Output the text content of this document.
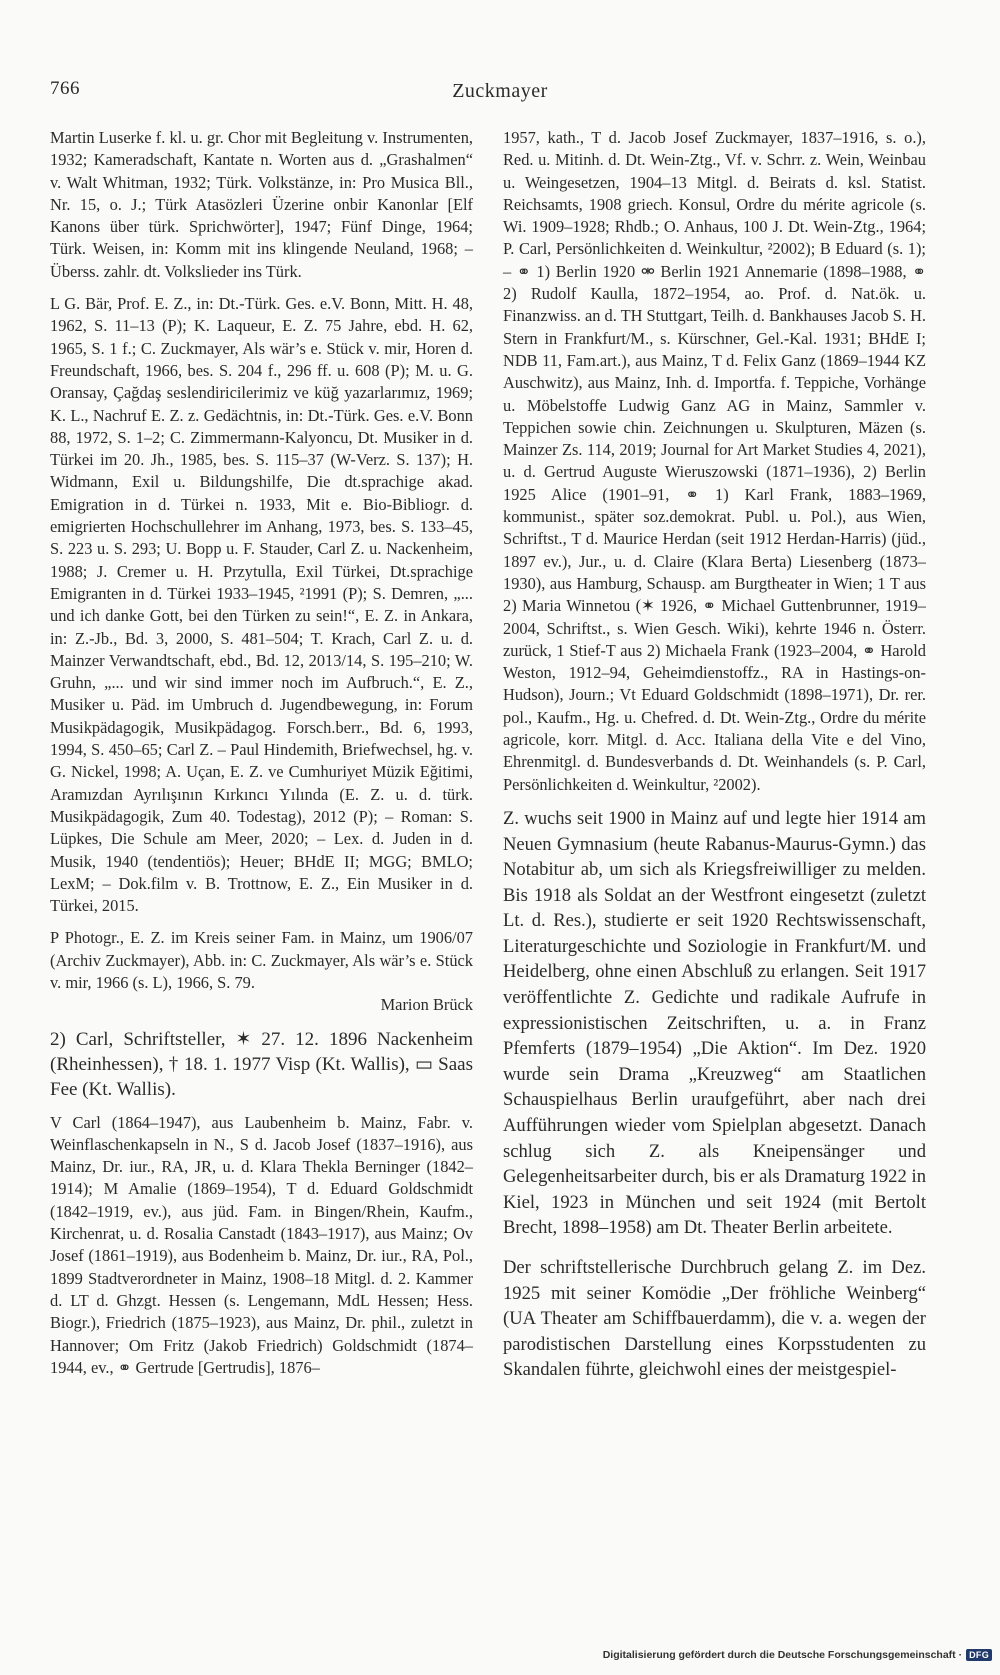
766	Zuckmayer

Martin Luserke f. kl. u. gr. Chor mit Begleitung v. Instrumenten, 1932; Kameradschaft, Kantate n. Worten aus d. „Grashalmen“ v. Walt Whitman, 1932; Türk. Volkstänze, in: Pro Musica Bll., Nr. 15, o. J.; Türk Atasözleri Üzerine onbir Kanonlar [Elf Kanons über türk. Sprichwörter], 1947; Fünf Dinge, 1964; Türk. Weisen, in: Komm mit ins klingende Neuland, 1968; – Überss. zahlr. dt. Volkslieder ins Türk.

L G. Bär, Prof. E. Z., in: Dt.-Türk. Ges. e.V. Bonn, Mitt. H. 48, 1962, S. 11–13 (P); K. Laqueur, E. Z. 75 Jahre, ebd. H. 62, 1965, S. 1 f.; C. Zuckmayer, Als wär’s e. Stück v. mir, Horen d. Freundschaft, 1966, bes. S. 204 f., 296 ff. u. 608 (P); M. u. G. Oransay, Çağdaş seslendiricilerimiz ve küğ yazarlarımız, 1969; K. L., Nachruf E. Z. z. Gedächtnis, in: Dt.-Türk. Ges. e.V. Bonn 88, 1972, S. 1–2; C. Zimmermann-Kalyoncu, Dt. Musiker in d. Türkei im 20. Jh., 1985, bes. S. 115–37 (W-Verz. S. 137); H. Widmann, Exil u. Bildungshilfe, Die dt.sprachige akad. Emigration in d. Türkei n. 1933, Mit e. Bio-Bibliogr. d. emigrierten Hochschullehrer im Anhang, 1973, bes. S. 133–45, S. 223 u. S. 293; U. Bopp u. F. Stauder, Carl Z. u. Nackenheim, 1988; J. Cremer u. H. Przytulla, Exil Türkei, Dt.sprachige Emigranten in d. Türkei 1933–1945, ²1991 (P); S. Demren, „... und ich danke Gott, bei den Türken zu sein!“, E. Z. in Ankara, in: Z.-Jb., Bd. 3, 2000, S. 481–504; T. Krach, Carl Z. u. d. Mainzer Verwandtschaft, ebd., Bd. 12, 2013/14, S. 195–210; W. Gruhn, „... und wir sind immer noch im Aufbruch.“, E. Z., Musiker u. Päd. im Umbruch d. Jugendbewegung, in: Forum Musikpädagogik, Musikpädagog. Forsch.berr., Bd. 6, 1993, 1994, S. 450–65; Carl Z. – Paul Hindemith, Briefwechsel, hg. v. G. Nickel, 1998; A. Uçan, E. Z. ve Cumhuriyet Müzik Eğitimi, Aramızdan Ayrılışının Kırkıncı Yılında (E. Z. u. d. türk. Musikpädagogik, Zum 40. Todestag), 2012 (P); – Roman: S. Lüpkes, Die Schule am Meer, 2020; – Lex. d. Juden in d. Musik, 1940 (tendentiös); Heuer; BHdE II; MGG; BMLO; LexM; – Dok.film v. B. Trottnow, E. Z., Ein Musiker in d. Türkei, 2015.

P Photogr., E. Z. im Kreis seiner Fam. in Mainz, um 1906/07 (Archiv Zuckmayer), Abb. in: C. Zuckmayer, Als wär’s e. Stück v. mir, 1966 (s. L), 1966, S. 79.

Marion Brück

2) Carl, Schriftsteller, ✶ 27. 12. 1896 Nackenheim (Rheinhessen), † 18. 1. 1977 Visp (Kt. Wallis), ▭ Saas Fee (Kt. Wallis).

V Carl (1864–1947), aus Laubenheim b. Mainz, Fabr. v. Weinflaschenkapseln in N., S d. Jacob Josef (1837–1916), aus Mainz, Dr. iur., RA, JR, u. d. Klara Thekla Berninger (1842–1914); M Amalie (1869–1954), T d. Eduard Goldschmidt (1842–1919, ev.), aus jüd. Fam. in Bingen/Rhein, Kaufm., Kirchenrat, u. d. Rosalia Canstadt (1843–1917), aus Mainz; Ov Josef (1861–1919), aus Bodenheim b. Mainz, Dr. iur., RA, Pol., 1899 Stadtverordneter in Mainz, 1908–18 Mitgl. d. 2. Kammer d. LT d. Ghzgt. Hessen (s. Lengemann, MdL Hessen; Hess. Biogr.), Friedrich (1875–1923), aus Mainz, Dr. phil., zuletzt in Hannover; Om Fritz (Jakob Friedrich) Goldschmidt (1874–1944, ev., ⚭ Gertrude [Gertrudis], 1876–

1957, kath., T d. Jacob Josef Zuckmayer, 1837–1916, s. o.), Red. u. Mitinh. d. Dt. Wein-Ztg., Vf. v. Schrr. z. Wein, Weinbau u. Weingesetzen, 1904–13 Mitgl. d. Beirats d. ksl. Statist. Reichsamts, 1908 griech. Konsul, Ordre du mérite agricole (s. Wi. 1909–1928; Rhdb.; O. Anhaus, 100 J. Dt. Wein-Ztg., 1964; P. Carl, Persönlichkeiten d. Weinkultur, ²2002); B Eduard (s. 1); – ⚭ 1) Berlin 1920 ⚮ Berlin 1921 Annemarie (1898–1988, ⚭ 2) Rudolf Kaulla, 1872–1954, ao. Prof. d. Nat.ök. u. Finanzwiss. an d. TH Stuttgart, Teilh. d. Bankhauses Jacob S. H. Stern in Frankfurt/M., s. Kürschner, Gel.-Kal. 1931; BHdE I; NDB 11, Fam.art.), aus Mainz, T d. Felix Ganz (1869–1944 KZ Auschwitz), aus Mainz, Inh. d. Importfa. f. Teppiche, Vorhänge u. Möbelstoffe Ludwig Ganz AG in Mainz, Sammler v. Teppichen sowie chin. Zeichnungen u. Skulpturen, Mäzen (s. Mainzer Zs. 114, 2019; Journal for Art Market Studies 4, 2021), u. d. Gertrud Auguste Wieruszowski (1871–1936), 2) Berlin 1925 Alice (1901–91, ⚭ 1) Karl Frank, 1883–1969, kommunist., später soz.demokrat. Publ. u. Pol.), aus Wien, Schriftst., T d. Maurice Herdan (seit 1912 Herdan-Harris) (jüd., 1897 ev.), Jur., u. d. Claire (Klara Berta) Liesenberg (1873–1930), aus Hamburg, Schausp. am Burgtheater in Wien; 1 T aus 2) Maria Winnetou (✶ 1926, ⚭ Michael Guttenbrunner, 1919–2004, Schriftst., s. Wien Gesch. Wiki), kehrte 1946 n. Österr. zurück, 1 Stief-T aus 2) Michaela Frank (1923–2004, ⚭ Harold Weston, 1912–94, Geheimdienstoffz., RA in Hastings-on-Hudson), Journ.; Vt Eduard Goldschmidt (1898–1971), Dr. rer. pol., Kaufm., Hg. u. Chefred. d. Dt. Wein-Ztg., Ordre du mérite agricole, korr. Mitgl. d. Acc. Italiana della Vite e del Vino, Ehrenmitgl. d. Bundesverbands d. Dt. Weinhandels (s. P. Carl, Persönlichkeiten d. Weinkultur, ²2002).

Z. wuchs seit 1900 in Mainz auf und legte hier 1914 am Neuen Gymnasium (heute Rabanus-Maurus-Gymn.) das Notabitur ab, um sich als Kriegsfreiwilliger zu melden. Bis 1918 als Soldat an der Westfront eingesetzt (zuletzt Lt. d. Res.), studierte er seit 1920 Rechtswissenschaft, Literaturgeschichte und Soziologie in Frankfurt/M. und Heidelberg, ohne einen Abschluß zu erlangen. Seit 1917 veröffentlichte Z. Gedichte und radikale Aufrufe in expressionistischen Zeitschriften, u. a. in Franz Pfemferts (1879–1954) „Die Aktion“. Im Dez. 1920 wurde sein Drama „Kreuzweg“ am Staatlichen Schauspielhaus Berlin uraufgeführt, aber nach drei Aufführungen wieder vom Spielplan abgesetzt. Danach schlug sich Z. als Kneipensänger und Gelegenheitsarbeiter durch, bis er als Dramaturg 1922 in Kiel, 1923 in München und seit 1924 (mit Bertolt Brecht, 1898–1958) am Dt. Theater Berlin arbeitete.

Der schriftstellerische Durchbruch gelang Z. im Dez. 1925 mit seiner Komödie „Der fröhliche Weinberg“ (UA Theater am Schiffbauerdamm), die v. a. wegen der parodistischen Darstellung eines Korpsstudenten zu Skandalen führte, gleichwohl eines der meistgespiel-

Digitalisierung gefördert durch die Deutsche Forschungsgemeinschaft · DFG
